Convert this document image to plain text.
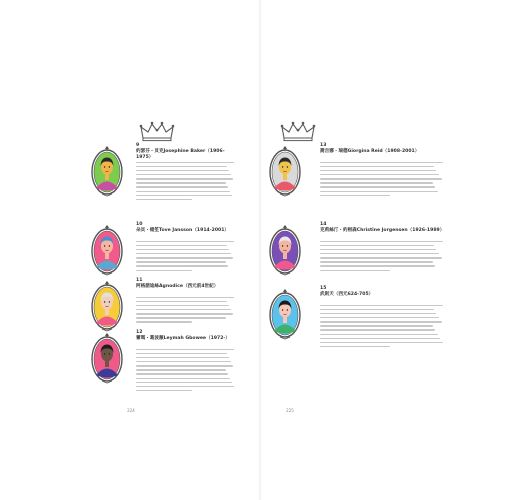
9
約瑟芬・貝克Josephine Baker（1906-1975）
10
朵貝・楊笙Tove Jansson（1914-2001）
11
阿格諾迪絲Agnodice（西元前4世紀）
12
蕾瑪・葛波薇Leymah Gbowee（1972-）
224
13
喬吉娜・瑞德Giorgina Reid（1908-2001）
14
克莉絲汀・約根森Christine Jorgensen（1926-1989）
15
武則天（西元624-705）
225
